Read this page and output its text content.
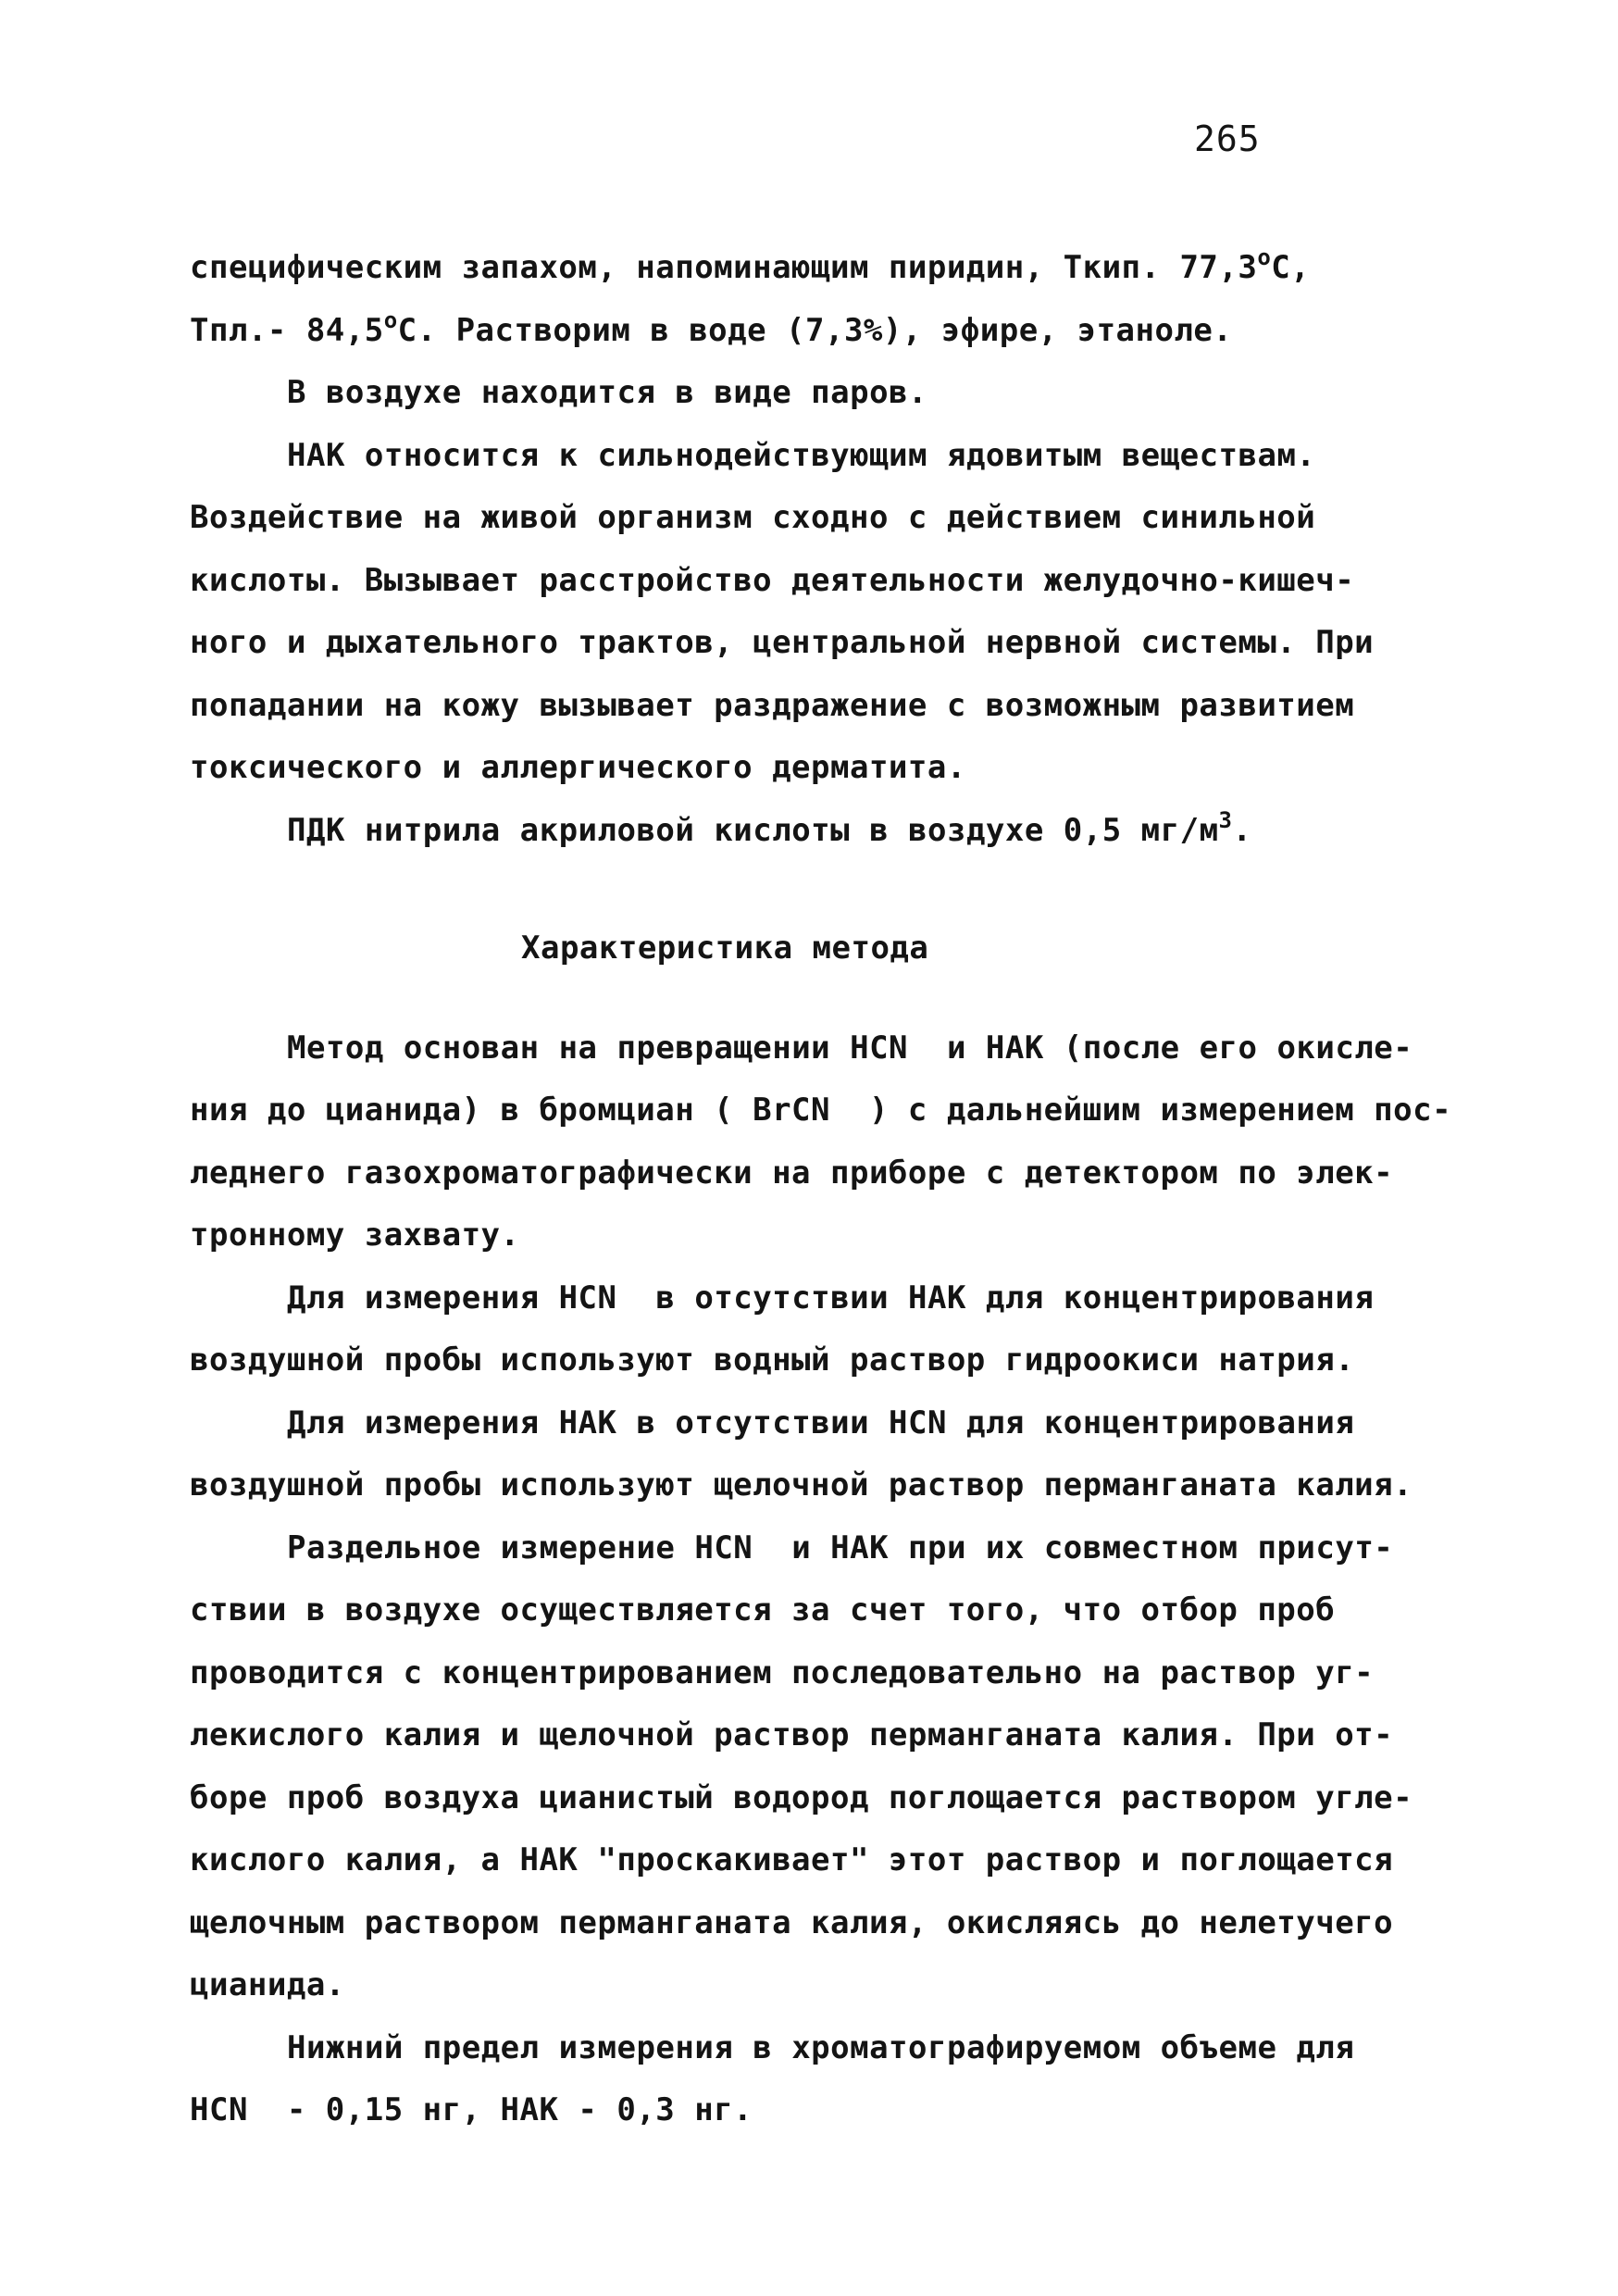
265
специфическим запахом, напоминающим пиридин, Ткип. $77,3^оС$,
Тпл.- $84,5^оС$. Растворим в воде (7,3%), эфире, этаноле.
В воздухе находится в виде паров.
НАК относится к сильнодействующим ядовитым веществам.
Воздействие на живой организм сходно с действием синильной
кислоты. Вызывает расстройство деятельности желудочно-кишеч-
ного и дыхательного трактов, центральной нервной системы. При
попадании на кожу вызывает раздражение с возможным развитием
токсического и аллергического дерматита.
ПДК нитрила акриловой кислоты в воздухе 0,5 $мг/м^3$.
Характеристика метода
Метод основан на превращении НСN  и НАК (после его окисле-
ния до цианида) в бромциан ( BrCN  ) с дальнейшим измерением пос-
леднего газохроматографически на приборе с детектором по элек-
тронному захвату.
Для измерения НСN  в отсутствии НАК для концентрирования
воздушной пробы используют водный раствор гидроокиси натрия.
Для измерения НАК в отсутствии НСN для концентрирования
воздушной пробы используют щелочной раствор перманганата калия.
Раздельное измерение НСN  и НАК при их совместном присут-
ствии в воздухе осуществляется за счет того, что отбор проб
проводится с концентрированием последовательно на раствор уг-
лекислого калия и щелочной раствор перманганата калия. При от-
боре проб воздуха цианистый водород поглощается раствором угле-
кислого калия, а НАК "проскакивает" этот раствор и поглощается
щелочным раствором перманганата калия, окисляясь до нелетучего
цианида.
Нижний предел измерения в хроматографируемом объеме для
НСN  - 0,15 нг, НАК - 0,3 нг.
